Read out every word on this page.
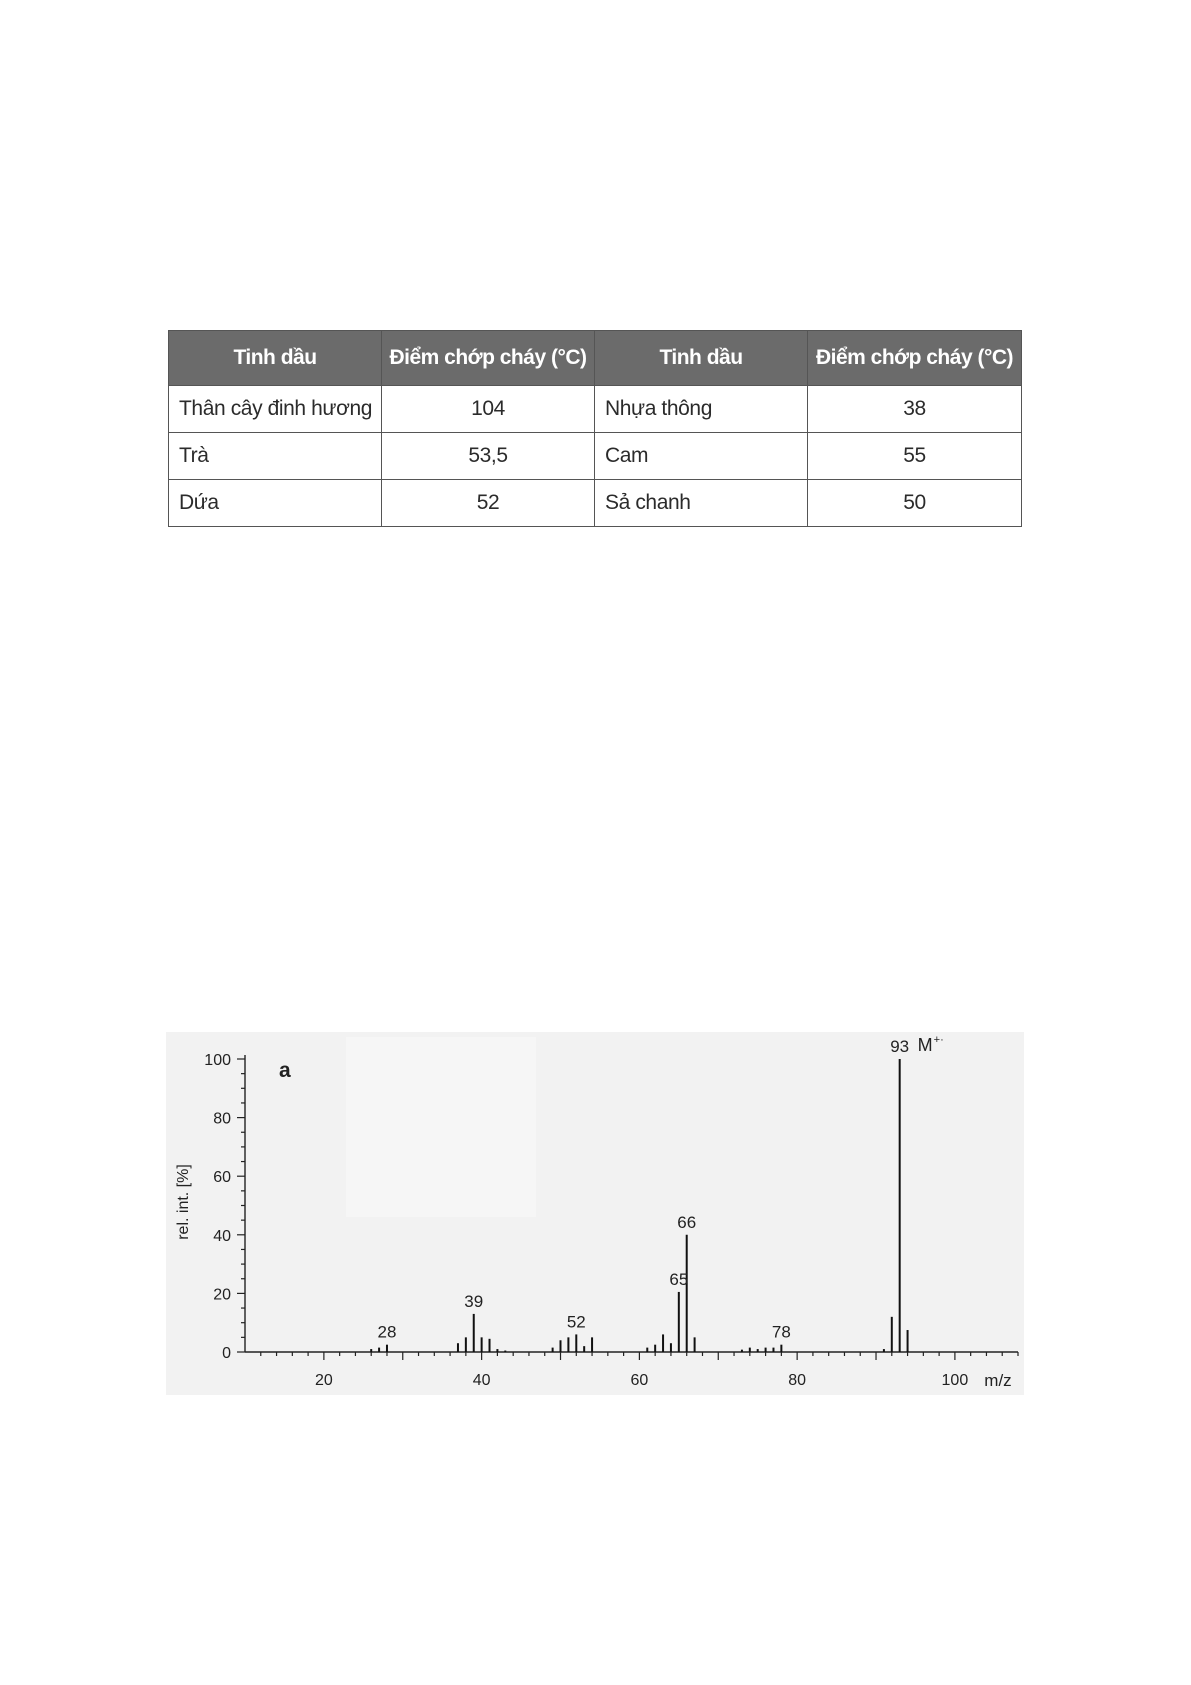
Tinh dầu	Điểm chớp cháy (°C)	Tinh dầu	Điểm chớp cháy (°C)
Thân cây đinh hương	104	Nhựa thông	38
Trà	53,5	Cam	55
Dứa	52	Sả chanh	50
0
20
40
60
80
100
20	40	60	80	100
28
39
52
65
66
78
93 M +·
a
m/z
rel. int. [%]
